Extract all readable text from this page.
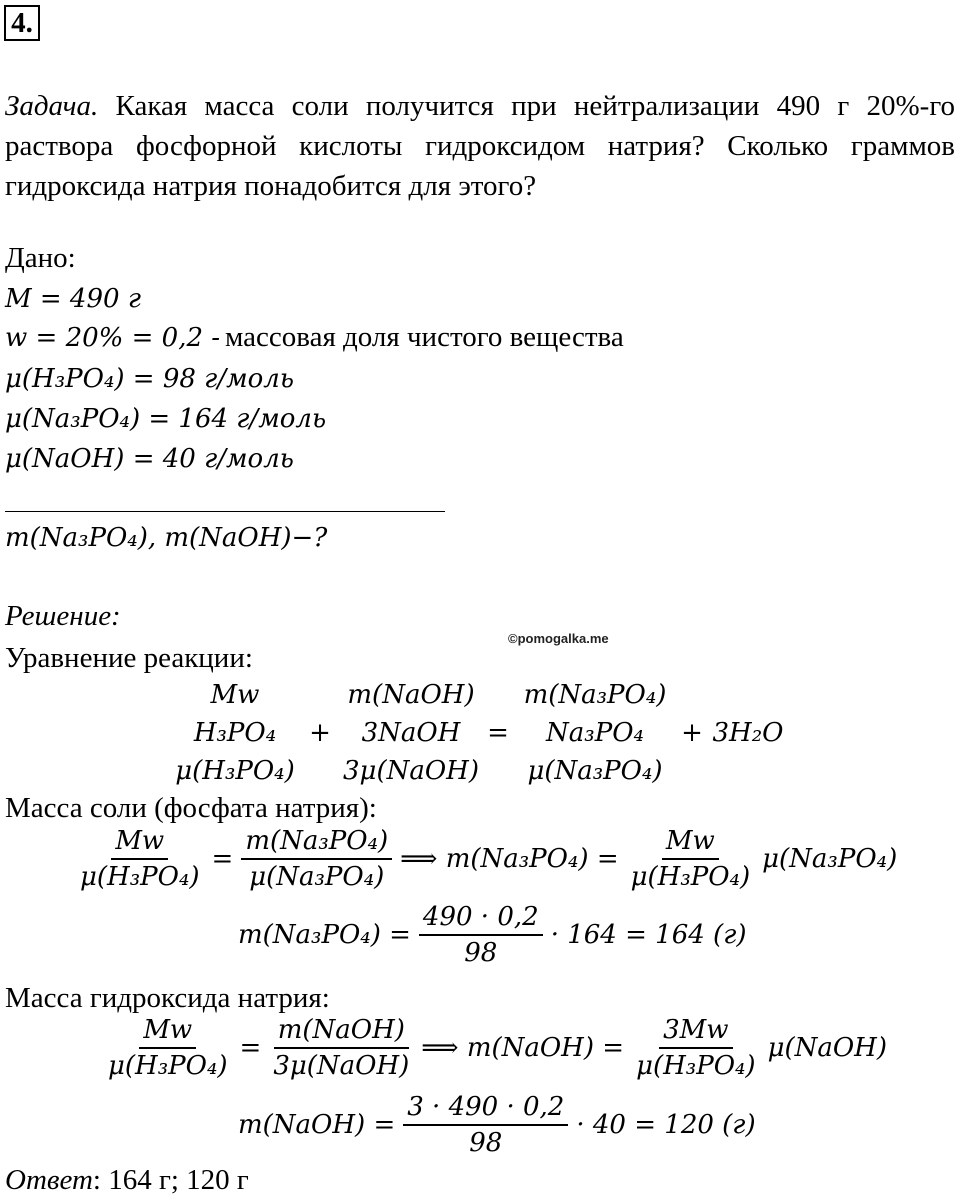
4.
Задача. Какая масса соли получится при нейтрализации 490 г 20%-го раствора фосфорной кислоты гидроксидом натрия? Сколько граммов гидроксида натрия понадобится для этого?
Дано:
M = 490 г
w = 20% = 0,2 - массовая доля чистого вещества
μ(H₃PO₄) = 98 г/моль
μ(Na₃PO₄) = 164 г/моль
μ(NaOH) = 40 г/моль
m(Na₃PO₄), m(NaOH)−?
Решение:
©pomogalka.me
Уравнение реакции:
Mw
H₃PO₄
μ(H₃PO₄)
+
m(NaOH)
3NaOH
3μ(NaOH)
=
m(Na₃PO₄)
Na₃PO₄
μ(Na₃PO₄)
+ 3H₂O
Масса соли (фосфата натрия):
$\frac{Mw}{\text{μ(H₃PO₄)}} = \frac{\text{m(Na₃PO₄)}}{\text{μ(Na₃PO₄)}}$ ⟹ $m(Na_3PO_4) = \frac{Mw}{\text{μ(H₃PO₄)}} \mu(Na_3PO_4)$
$m(Na_3PO_4) = \frac{490 \cdot 0,2}{98} \cdot 164 = 164$ (г)
Масса гидроксида натрия:
$\frac{Mw}{\text{μ(H₃PO₄)}} = \frac{\text{m(NaOH)}}{\text{3μ(NaOH)}}$ ⟹ m(NaOH) = $\frac{3Mw}{\text{μ(H₃PO₄)}}$ μ(NaOH)
m(NaOH) = $\frac{3 \cdot 490 \cdot 0,2}{98} \cdot 40 = 120$ (г)
Ответ: 164 г; 120 г
